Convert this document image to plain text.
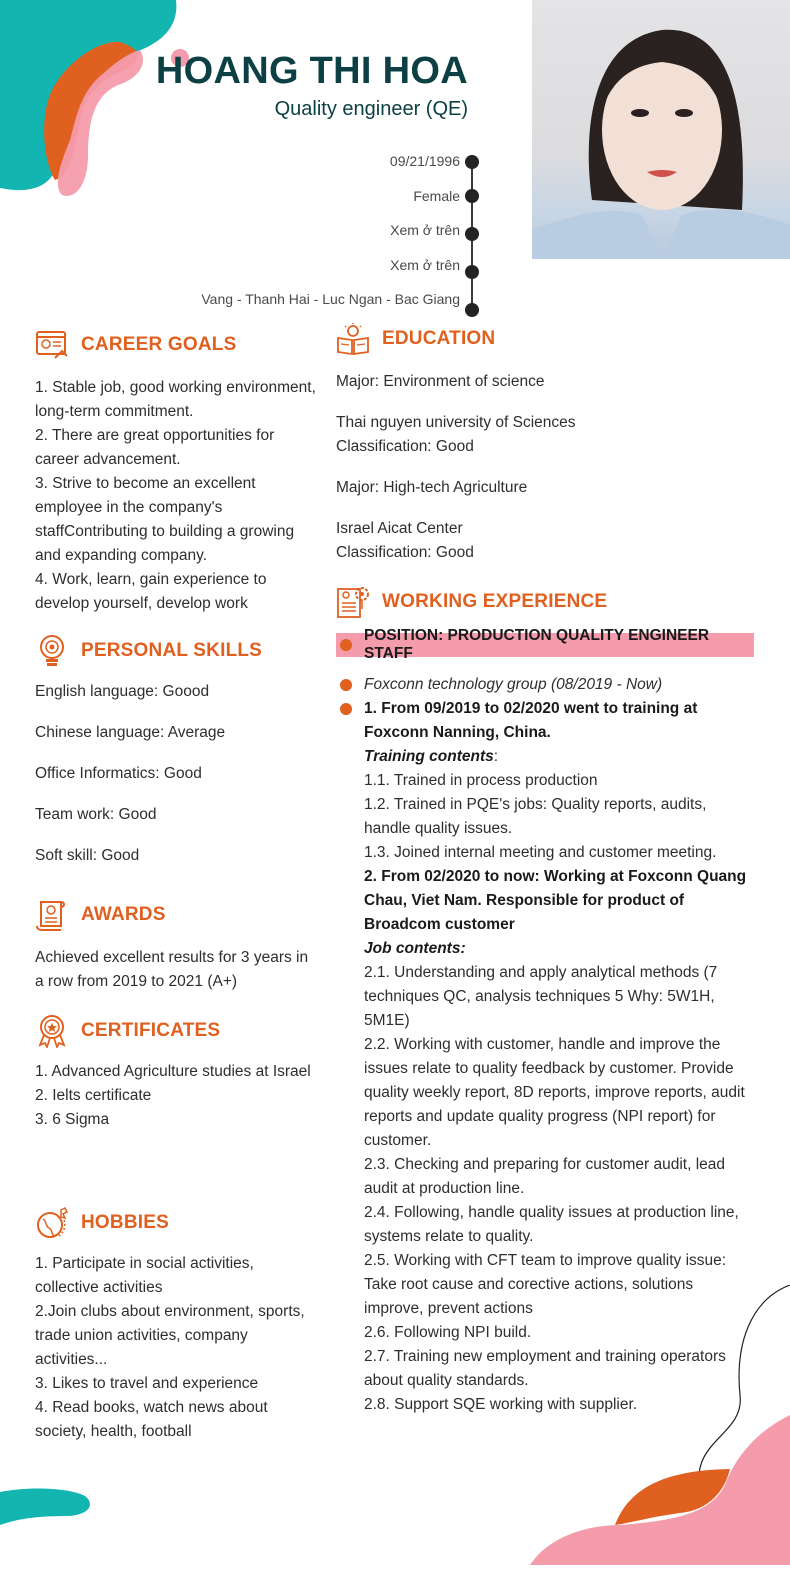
HOANG THI HOA
Quality engineer (QE)
09/21/1996
Female
Xem ở trên
Xem ở trên
Vang - Thanh Hai - Luc Ngan - Bac Giang
CAREER GOALS
1. Stable job, good working environment, long-term commitment.
2. There are great opportunities for career advancement.
3. Strive to become an excellent employee in the company's staffContributing to building a growing and expanding company.
4. Work, learn, gain experience to develop yourself, develop work
PERSONAL SKILLS
English language: Goood
Chinese language: Average
Office Informatics: Good
Team work: Good
Soft skill: Good
AWARDS
Achieved excellent results for 3 years in a row from 2019 to 2021 (A+)
CERTIFICATES
1. Advanced Agriculture studies at Israel
2. Ielts certificate
3. 6 Sigma
HOBBIES
1. Participate in social activities, collective activities
2.Join clubs about environment, sports, trade union activities, company activities...
3. Likes to travel and experience
4. Read books, watch news about society, health, football
EDUCATION
Major: Environment of science
Thai nguyen university of Sciences
Classification: Good
Major: High-tech Agriculture
Israel Aicat Center
Classification: Good
WORKING EXPERIENCE
POSITION: PRODUCTION QUALITY ENGINEER STAFF
Foxconn technology group (08/2019 - Now)
1. From 09/2019 to 02/2020 went to training at Foxconn Nanning, China.
Training contents:
1.1. Trained in process production
1.2. Trained in PQE's jobs: Quality reports, audits, handle quality issues.
1.3. Joined internal meeting and customer meeting.
2. From 02/2020 to now: Working at Foxconn Quang Chau, Viet Nam. Responsible for product of Broadcom customer
Job contents:
2.1. Understanding and apply analytical methods (7 techniques QC, analysis techniques 5 Why: 5W1H, 5M1E)
2.2. Working with customer, handle and improve the issues relate to quality feedback by customer. Provide quality weekly report, 8D reports, improve reports, audit reports and update quality progress (NPI report) for customer.
2.3. Checking and preparing for customer audit, lead audit at production line.
2.4. Following, handle quality issues at production line, systems relate to quality.
2.5. Working with CFT team to improve quality issue: Take root cause and corective actions, solutions improve, prevent actions
2.6. Following NPI build.
2.7. Training new employment and training operators about quality standards.
2.8. Support SQE working with supplier.
